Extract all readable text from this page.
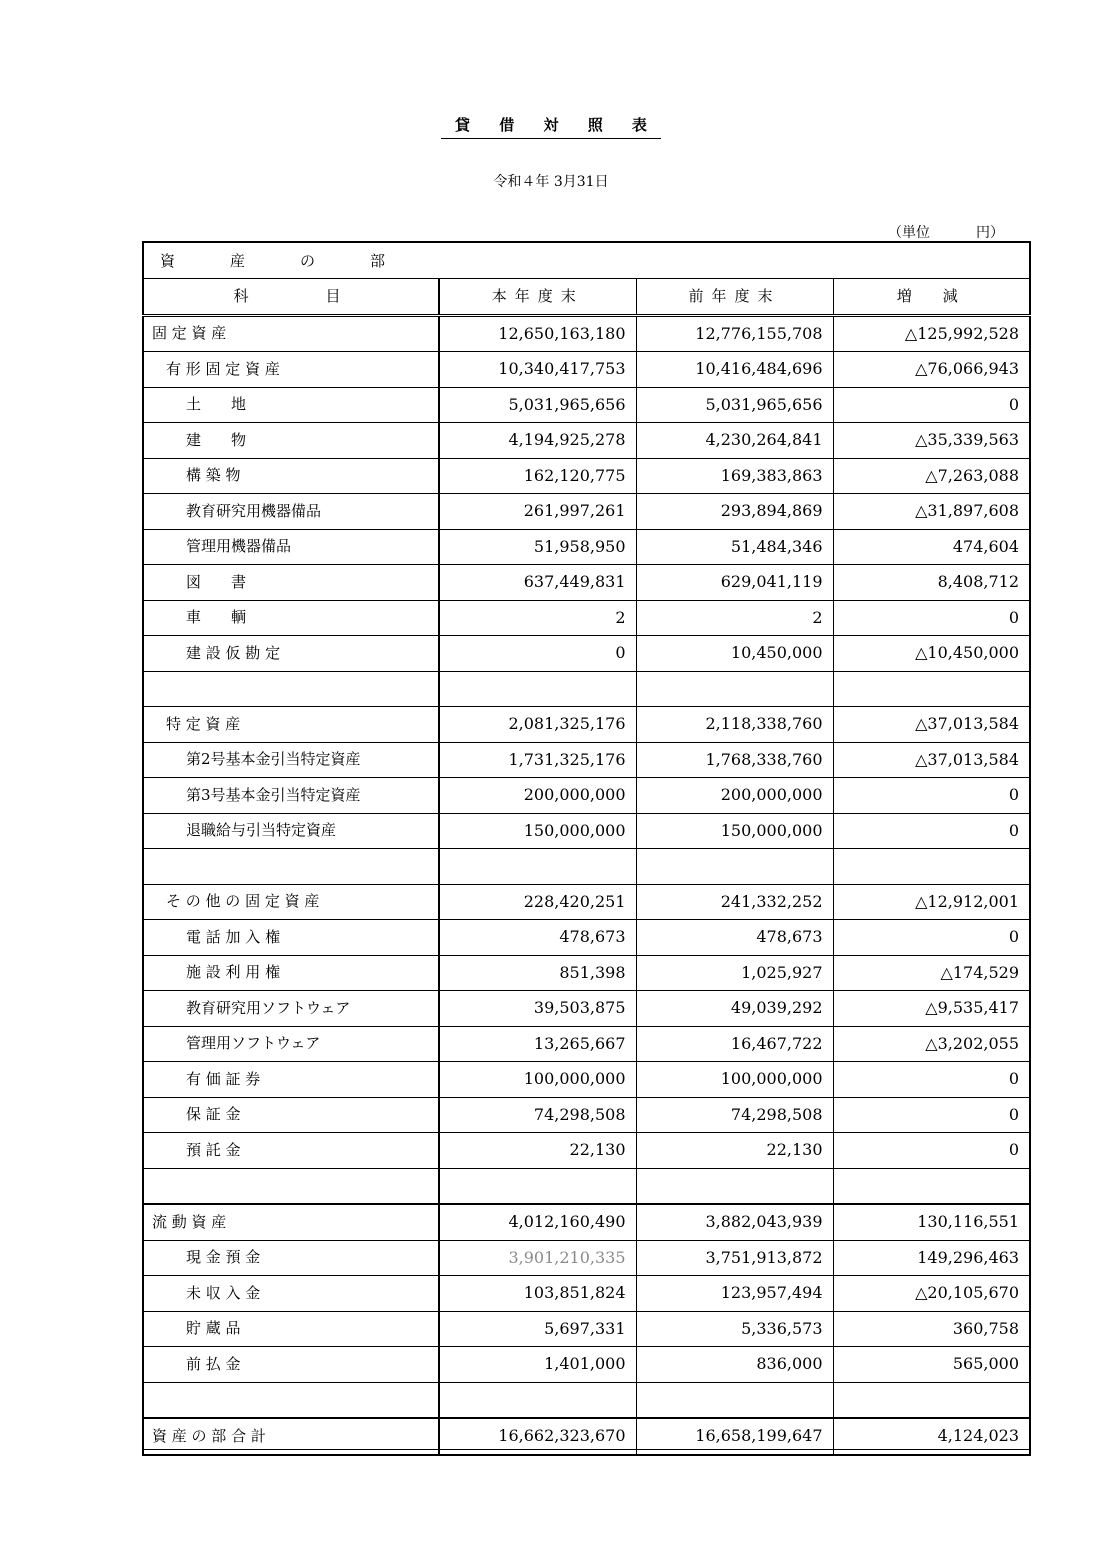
貸 借 対 照 表
令和４年 3月31日
（単位	円）
資　産　の　部			
科　　　目	本年度末	前年度末	増　減
固 定 資 産	12,650,163,180	12,776,155,708	△125,992,528
有 形 固 定 資 産	10,340,417,753	10,416,484,696	△76,066,943
土　　地	5,031,965,656	5,031,965,656	0
建　　物	4,194,925,278	4,230,264,841	△35,339,563
構 築 物	162,120,775	169,383,863	△7,263,088
教育研究用機器備品	261,997,261	293,894,869	△31,897,608
管理用機器備品	51,958,950	51,484,346	474,604
図　　書	637,449,831	629,041,119	8,408,712
車　　輌	2	2	0
建 設 仮 勘 定	0	10,450,000	△10,450,000

特 定 資 産	2,081,325,176	2,118,338,760	△37,013,584
第2号基本金引当特定資産	1,731,325,176	1,768,338,760	△37,013,584
第3号基本金引当特定資産	200,000,000	200,000,000	0
退職給与引当特定資産	150,000,000	150,000,000	0

そ の 他 の 固 定 資 産	228,420,251	241,332,252	△12,912,001
電 話 加 入 権	478,673	478,673	0
施 設 利 用 権	851,398	1,025,927	△174,529
教育研究用ソフトウェア	39,503,875	49,039,292	△9,535,417
管理用ソフトウェア	13,265,667	16,467,722	△3,202,055
有 価 証 券	100,000,000	100,000,000	0
保 証 金	74,298,508	74,298,508	0
預 託 金	22,130	22,130	0

流 動 資 産	4,012,160,490	3,882,043,939	130,116,551
現 金 預 金	3,901,210,335	3,751,913,872	149,296,463
未 収 入 金	103,851,824	123,957,494	△20,105,670
貯 蔵 品	5,697,331	5,336,573	360,758
前 払 金	1,401,000	836,000	565,000

資 産 の 部 合 計	16,662,323,670	16,658,199,647	4,124,023
